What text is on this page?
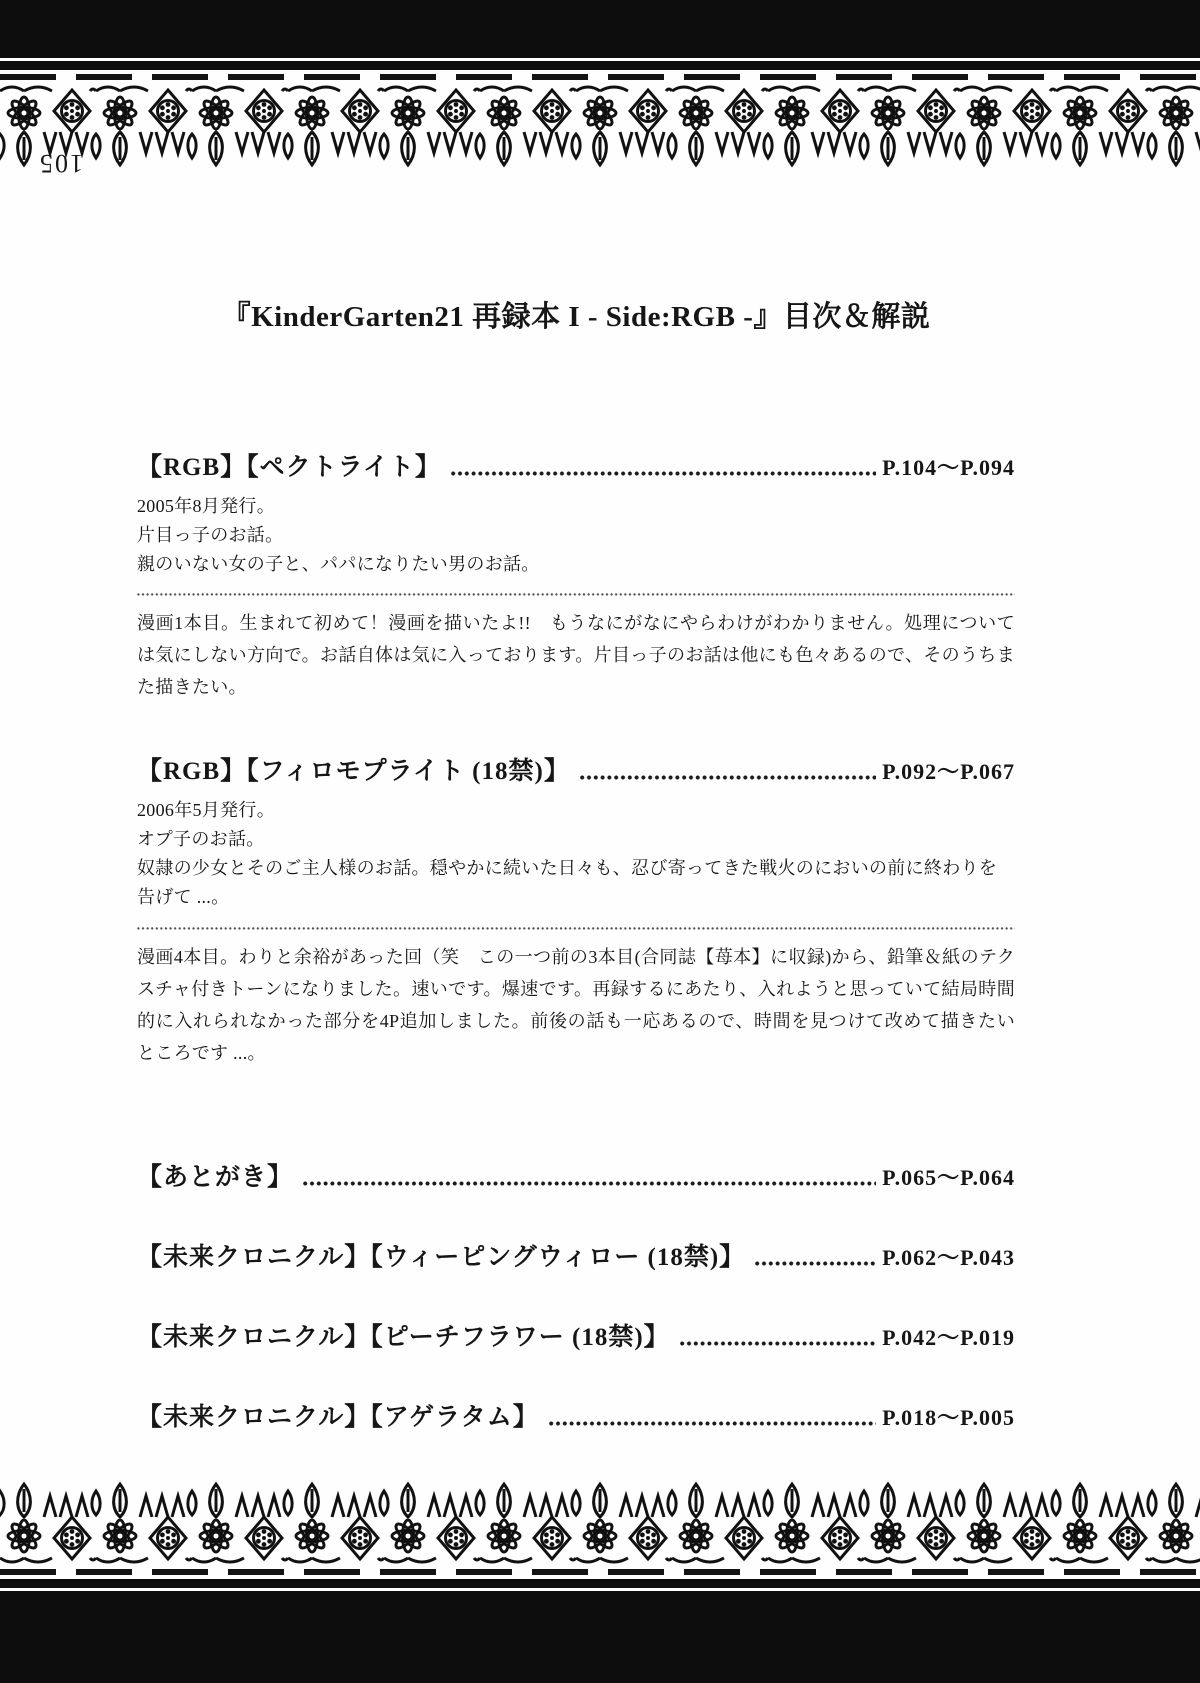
105
『KinderGarten21 再録本 I - Side:RGB -』目次＆解説
【RGB】【ペクトライト】	P.104〜P.094
2005年8月発行。
片目っ子のお話。
親のいない女の子と、パパになりたい男のお話。
漫画1本目。生まれて初めて！漫画を描いたよ!!　もうなにがなにやらわけがわかりません。処理については気にしない方向で。お話自体は気に入っております。片目っ子のお話は他にも色々あるので、そのうちまた描きたい。
【RGB】【フィロモプライト (18禁)】	P.092〜P.067
2006年5月発行。
オプ子のお話。
奴隷の少女とそのご主人様のお話。穏やかに続いた日々も、忍び寄ってきた戦火のにおいの前に終わりを告げて ...。
漫画4本目。わりと余裕があった回（笑　この一つ前の3本目(合同誌【苺本】に収録)から、鉛筆＆紙のテクスチャ付きトーンになりました。速いです。爆速です。再録するにあたり、入れようと思っていて結局時間的に入れられなかった部分を4P追加しました。前後の話も一応あるので、時間を見つけて改めて描きたいところです ...。
【あとがき】	P.065〜P.064
【未来クロニクル】【ウィーピングウィロー (18禁)】	P.062〜P.043
【未来クロニクル】【ピーチフラワー (18禁)】	P.042〜P.019
【未来クロニクル】【アゲラタム】	P.018〜P.005
